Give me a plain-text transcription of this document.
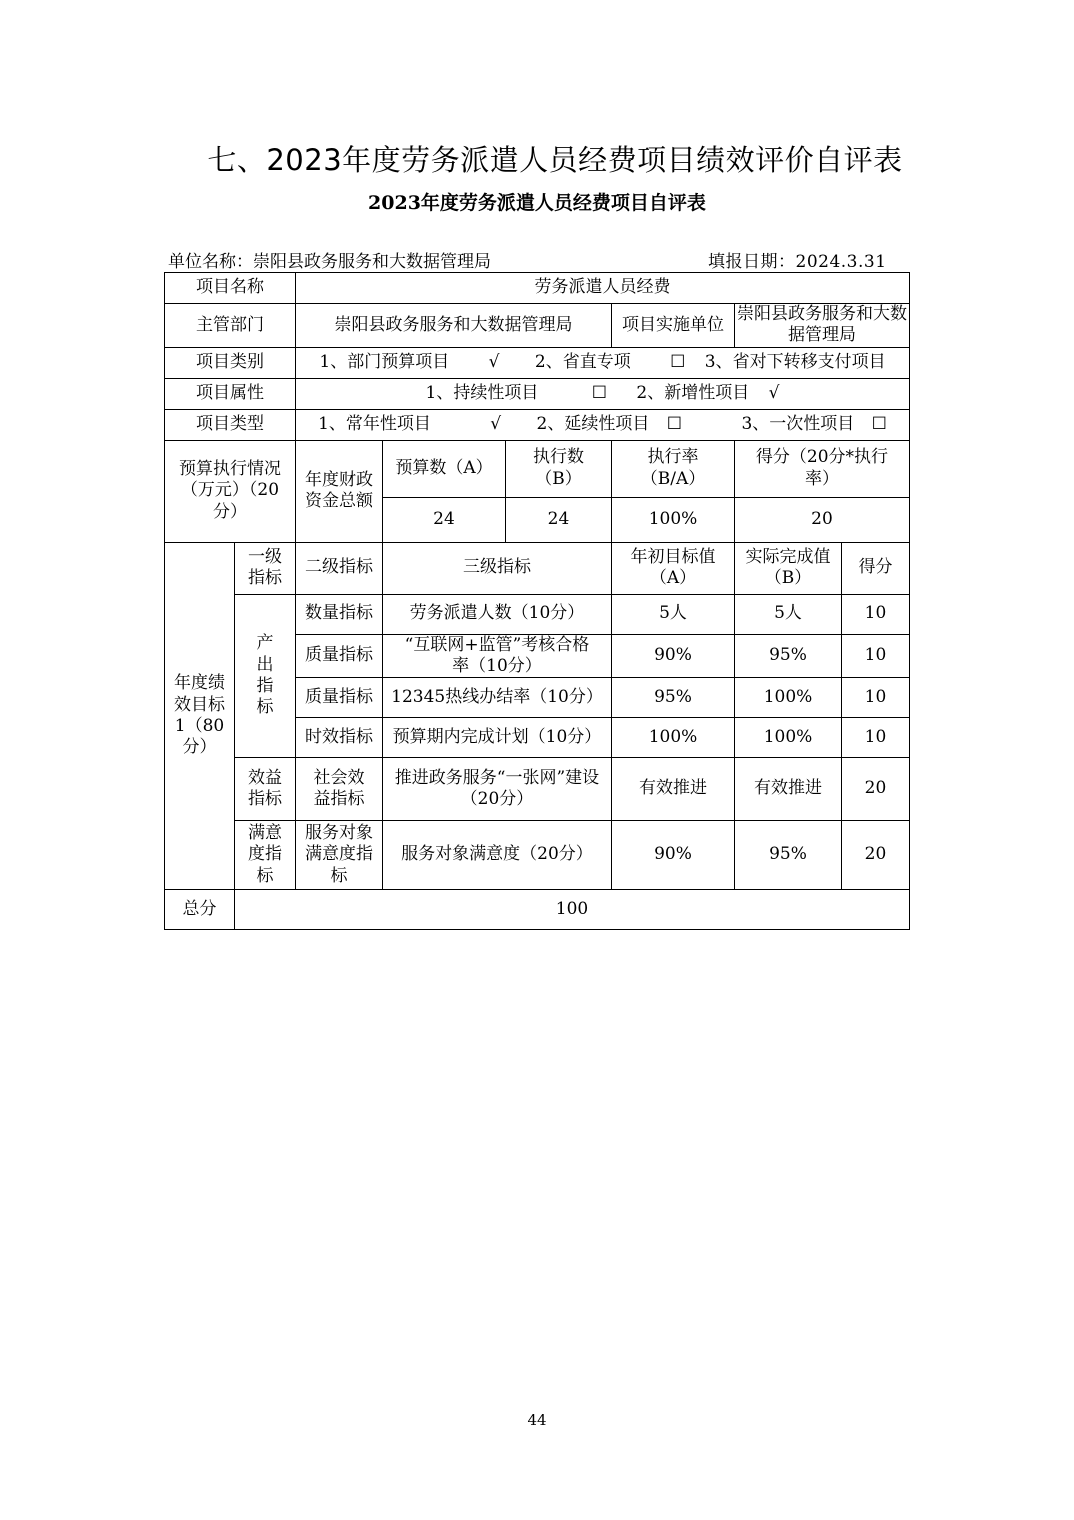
七、2023年度劳务派遣人员经费项目绩效评价自评表
2023年度劳务派遣人员经费项目自评表
单位名称：崇阳县政务服务和大数据管理局	填报日期：2024.3.31
项目名称		劳务派遣人员经费					
主管部门		崇阳县政务服务和大数据管理局			项目实施单位	崇阳县政务服务和大数据管理局	
项目类别		1、部门预算项目 √ 2、省直专项 ☐ 3、省对下转移支付项目					
项目属性		1、持续性项目 ☐ 2、新增性项目 √					
项目类型		1、常年性项目 √ 2、延续性项目 ☐ 3、一次性项目 ☐					
预算执行情况（万元）（20分）		年度财政资金总额	预算数（A）	执行数（B）	执行率（B/A）	得分（20分*执行率）	
			24	24	100%	20	
年度绩效目标1（80分）	一级指标	二级指标	三级指标		年初目标值（A）	实际完成值（B）	得分
	产出指标	数量指标	劳务派遣人数（10分）		5人	5人	10
		质量指标	“互联网+监管”考核合格率（10分）		90%	95%	10
		质量指标	12345热线办结率（10分）		95%	100%	10
		时效指标	预算期内完成计划（10分）		100%	100%	10
	效益指标	社会效益指标	推进政务服务“一张网”建设（20分）		有效推进	有效推进	20
	满意度指标	服务对象满意度指标	服务对象满意度（20分）		90%	95%	20
总分	100						
44
